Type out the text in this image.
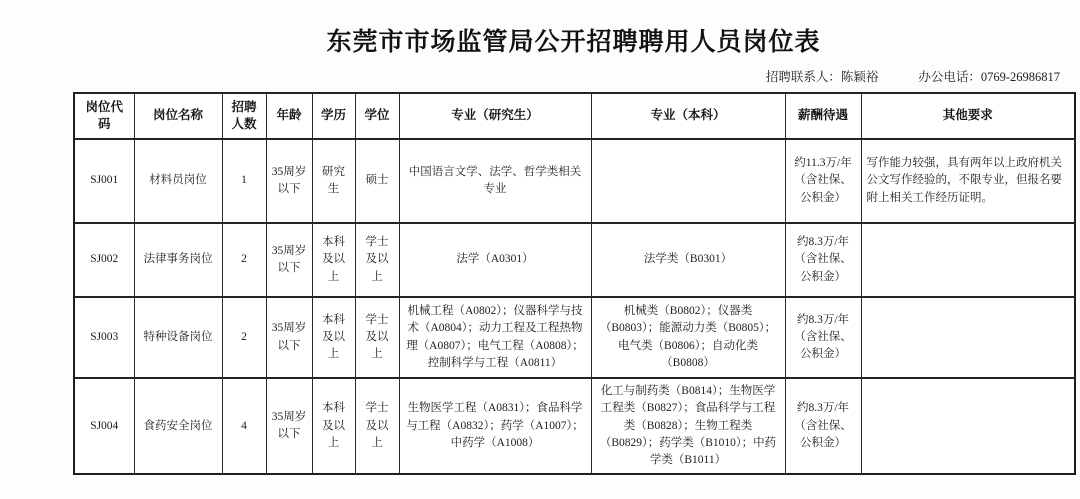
东莞市市场监管局公开招聘聘用人员岗位表
招聘联系人：陈颖裕	办公电话：0769-26986817
岗位代码	岗位名称	招聘人数	年龄	学历	学位	专业（研究生）	专业（本科）	薪酬待遇	其他要求
SJ001	材料员岗位	1	35周岁以下	研究生	硕士	中国语言文学、法学、哲学类相关专业		约11.3万/年（含社保、公积金）	写作能力较强，具有两年以上政府机关公文写作经验的，不限专业，但报名要附上相关工作经历证明。
SJ002	法律事务岗位	2	35周岁以下	本科及以上	学士及以上	法学（A0301）	法学类（B0301）	约8.3万/年（含社保、公积金）	
SJ003	特种设备岗位	2	35周岁以下	本科及以上	学士及以上	机械工程（A0802）；仪器科学与技术（A0804）；动力工程及工程热物理（A0807）；电气工程（A0808）；控制科学与工程（A0811）	机械类（B0802）；仪器类（B0803）；能源动力类（B0805）；电气类（B0806）；自动化类（B0808）	约8.3万/年（含社保、公积金）	
SJ004	食药安全岗位	4	35周岁以下	本科及以上	学士及以上	生物医学工程（A0831）；食品科学与工程（A0832）；药学（A1007）；中药学（A1008）	化工与制药类（B0814）；生物医学工程类（B0827）；食品科学与工程类（B0828）；生物工程类（B0829）；药学类（B1010）；中药学类（B1011）	约8.3万/年（含社保、公积金）	
